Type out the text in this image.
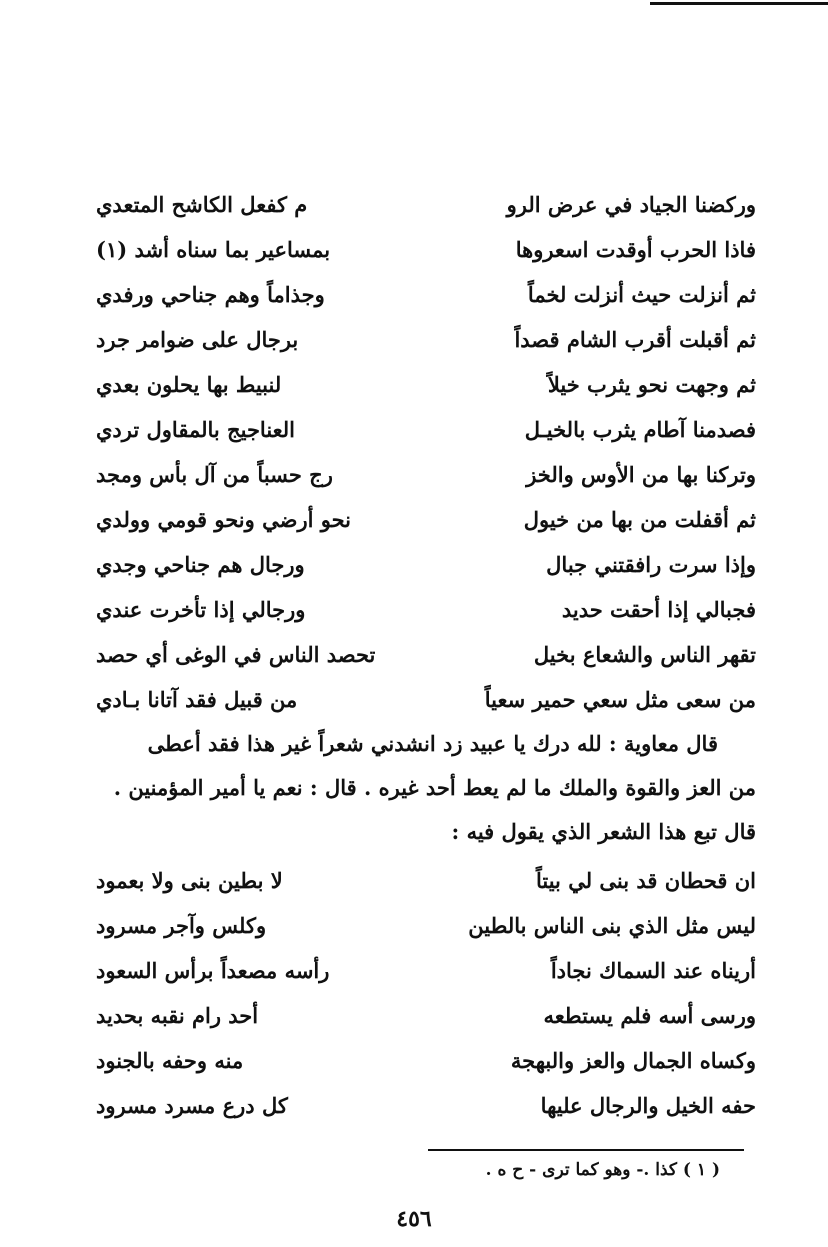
وركضنا الجياد في عرض الرو
م كفعل الكاشح المتعدي
فاذا الحرب أوقدت اسعروها
بمساعير بما سناه أشد (١)
ثم أنزلت حيث أنزلت لخماً
وجذاماً وهم جناحي ورفدي
ثم أقبلت أقرب الشام قصداً
برجال على ضوامر جرد
ثم وجهت نحو يثرب خيلاً
لنبيط بها يحلون بعدي
فصدمنا آطام يثرب بالخيـل
العناجيج بالمقاول تردي
وتركنا بها من الأوس والخز
رج حسباً من آل بأس ومجد
ثم أقفلت من بها من خيول
نحو أرضي ونحو قومي وولدي
وإذا سرت رافقتني جبال
ورجال هم جناحي وجدي
فجبالي إذا أحقت حديد
ورجالي إذا تأخرت عندي
تقهر الناس والشعاع بخيل
تحصد الناس في الوغى أي حصد
من سعى مثل سعي حمير سعياً
من قبيل فقد آتانا بـادي

قال معاوية : لله درك يا عبيد زد انشدني شعراً غير هذا فقد أعطى

من العز والقوة والملك ما لم يعط أحد غيره . قال : نعم يا أمير المؤمنين .

قال تبع هذا الشعر الذي يقول فيه :

ان قحطان قد بنى لي بيتاً
لا بطين بنى ولا بعمود
ليس مثل الذي بنى الناس بالطين
وكلس وآجر مسرود
أريناه عند السماك نجاداً
رأسه مصعداً برأس السعود
ورسى أسه فلم يستطعه
أحد رام نقبه بحديد
وكساه الجمال والعز والبهجة
منه وحفه بالجنود
حفه الخيل والرجال عليها
كل درع مسرد مسرود
( ١ ) كذا .- وهو كما ترى - ح ه .
٤٥٦
